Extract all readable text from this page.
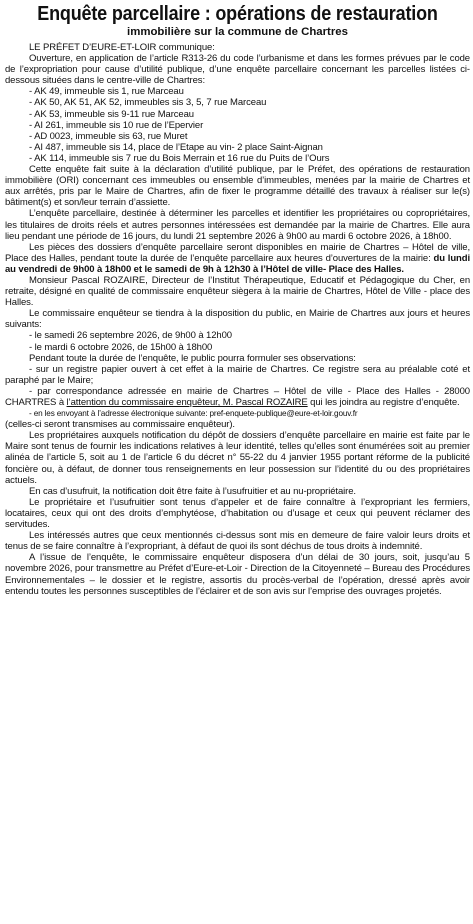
Enquête parcellaire : opérations de restauration
immobilière sur la commune de Chartres

LE PRÉFET D’EURE-ET-LOIR communique:

Ouverture, en application de l’article R313-26 du code l’urbanisme et dans les formes prévues par le code de l’expropriation pour cause d’utilité publique, d’une enquête parcellaire concernant les parcelles listées ci-dessous situées dans le centre-ville de Chartres:

- AK 49, immeuble sis 1, rue Marceau
- AK 50, AK 51, AK 52, immeubles sis 3, 5, 7 rue Marceau
- AK 53, immeuble sis 9-11 rue Marceau
- AI 261, immeuble sis 10 rue de l’Epervier
- AD 0023, immeuble sis 63, rue Muret
- AI 487, immeuble sis 14, place de l’Etape au vin- 2 place Saint-Aignan
- AK 114, immeuble sis 7 rue du Bois Merrain et 16 rue du Puits de l’Ours

Cette enquête fait suite à la déclaration d’utilité publique, par le Préfet, des opérations de restauration immobilière (ORI) concernant ces immeubles ou ensemble d’immeubles, menées par la mairie de Chartres et aux arrêtés, pris par le Maire de Chartres, afin de fixer le programme détaillé des travaux à réaliser sur le(s) bâtiment(s) et son/leur terrain d’assiette.

L’enquête parcellaire, destinée à déterminer les parcelles et identifier les propriétaires ou copropriétaires, les titulaires de droits réels et autres personnes intéressées est demandée par la mairie de Chartres. Elle aura lieu pendant une période de 16 jours, du lundi 21 septembre 2026 à 9h00 au mardi 6 octobre 2026, à 18h00.

Les pièces des dossiers d’enquête parcellaire seront disponibles en mairie de Chartres – Hôtel de ville, Place des Halles, pendant toute la durée de l’enquête parcellaire aux heures d’ouvertures de la mairie: du lundi au vendredi de 9h00 à 18h00 et le samedi de 9h à 12h30 à l’Hôtel de ville- Place des Halles.

Monsieur Pascal ROZAIRE, Directeur de l’Institut Thérapeutique, Educatif et Pédagogique du Cher, en retraite, désigné en qualité de commissaire enquêteur siègera à la mairie de Chartres, Hôtel de Ville - place des Halles.

Le commissaire enquêteur se tiendra à la disposition du public, en Mairie de Chartres aux jours et heures suivants:

- le samedi 26 septembre 2026, de 9h00 à 12h00
- le mardi 6 octobre 2026, de 15h00 à 18h00

Pendant toute la durée de l’enquête, le public pourra formuler ses observations:

- sur un registre papier ouvert à cet effet à la mairie de Chartres. Ce registre sera au préalable coté et paraphé par le Maire;

- par correspondance adressée en mairie de Chartres – Hôtel de ville - Place des Halles - 28000 CHARTRES à l’attention du commissaire enquêteur, M. Pascal ROZAIRE qui les joindra au registre d’enquête.

- en les envoyant à l’adresse électronique suivante: pref-enquete-publique@eure-et-loir.gouv.fr

(celles-ci seront transmises au commissaire enquêteur).

Les propriétaires auxquels notification du dépôt de dossiers d’enquête parcellaire en mairie est faite par le Maire sont tenus de fournir les indications relatives à leur identité, telles qu’elles sont énumérées soit au premier alinéa de l’article 5, soit au 1 de l’article 6 du décret n° 55-22 du 4 janvier 1955 portant réforme de la publicité foncière ou, à défaut, de donner tous renseignements en leur possession sur l’identité du ou des propriétaires actuels.

En cas d’usufruit, la notification doit être faite à l’usufruitier et au nu-propriétaire.

Le propriétaire et l’usufruitier sont tenus d’appeler et de faire connaître à l’expropriant les fermiers, locataires, ceux qui ont des droits d’emphytéose, d’habitation ou d’usage et ceux qui peuvent réclamer des servitudes.

Les intéressés autres que ceux mentionnés ci-dessus sont mis en demeure de faire valoir leurs droits et tenus de se faire connaître à l’expropriant, à défaut de quoi ils sont déchus de tous droits à indemnité.

A l’issue de l’enquête, le commissaire enquêteur disposera d’un délai de 30 jours, soit, jusqu’au 5 novembre 2026, pour transmettre au Préfet d’Eure-et-Loir - Direction de la Citoyenneté – Bureau des Procédures Environnementales – le dossier et le registre, assortis du procès-verbal de l’opération, dressé après avoir entendu toutes les personnes susceptibles de l’éclairer et de son avis sur l’emprise des ouvrages projetés.
